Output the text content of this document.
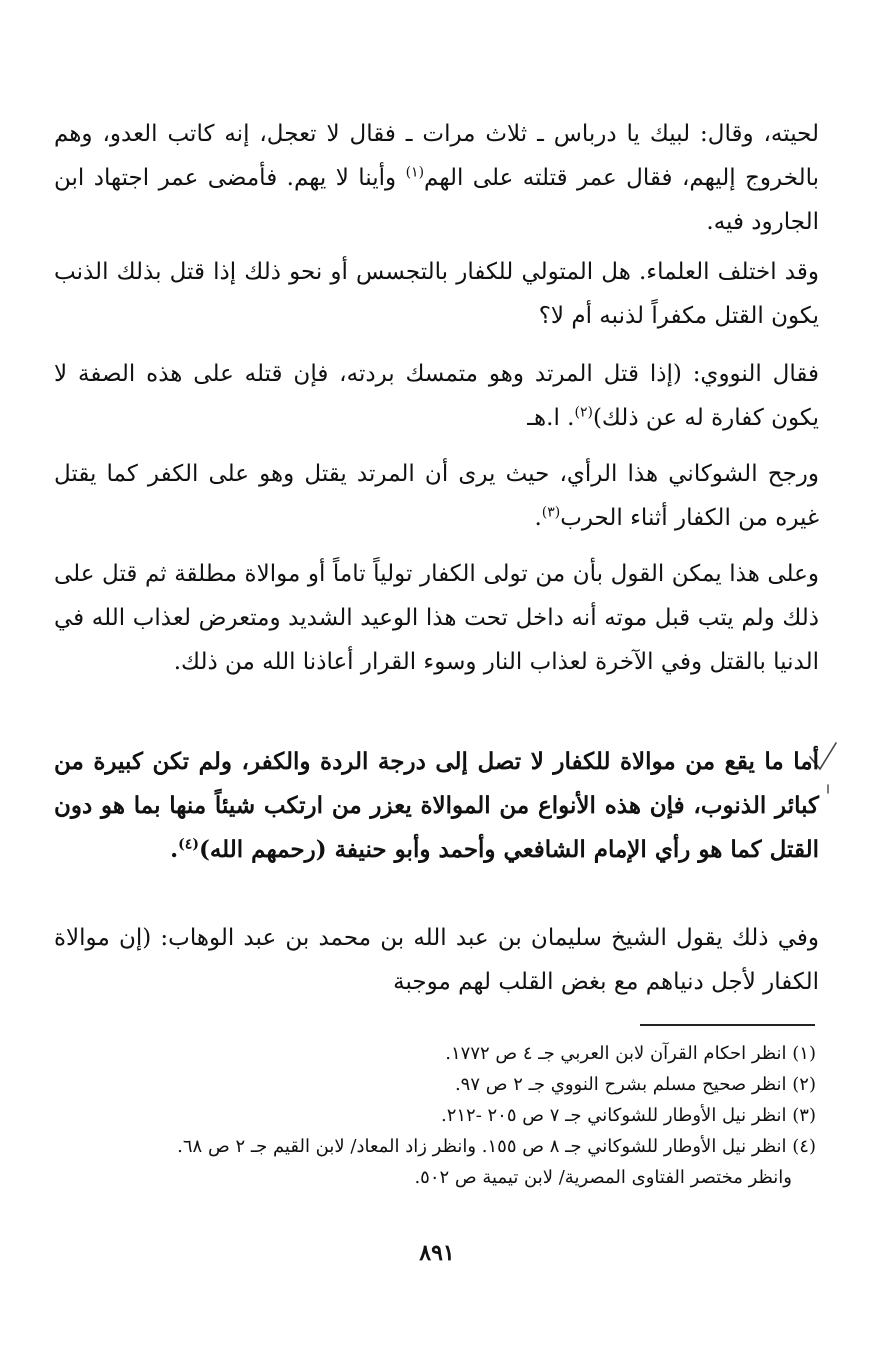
لحيته، وقال: لبيك يا درباس ـ ثلاث مرات ـ فقال لا تعجل، إنه كاتب العدو، وهم بالخروج إليهم، فقال عمر قتلته على الهم$^{(١)}$ وأينا لا يهم. فأمضى عمر اجتهاد ابن الجارود فيه.

وقد اختلف العلماء. هل المتولي للكفار بالتجسس أو نحو ذلك إذا قتل بذلك الذنب يكون القتل مكفراً لذنبه أم لا؟

فقال النووي: (إذا قتل المرتد وهو متمسك بردته، فإن قتله على هذه الصفة لا يكون كفارة له عن ذلك)$^{(٢)}$. ا.هـ

ورجح الشوكاني هذا الرأي، حيث يرى أن المرتد يقتل وهو على الكفر كما يقتل غيره من الكفار أثناء الحرب$^{(٣)}$.

وعلى هذا يمكن القول بأن من تولى الكفار تولياً تاماً أو موالاة مطلقة ثم قتل على ذلك ولم يتب قبل موته أنه داخل تحت هذا الوعيد الشديد ومتعرض لعذاب الله في الدنيا بالقتل وفي الآخرة لعذاب النار وسوء القرار أعاذنا الله من ذلك.

أما ما يقع من موالاة للكفار لا تصل إلى درجة الردة والكفر، ولم تكن كبيرة من كبائر الذنوب، فإن هذه الأنواع من الموالاة يعزر من ارتكب شيئاً منها بما هو دون القتل كما هو رأي الإمام الشافعي وأحمد وأبو حنيفة (رحمهم الله)$^{(٤)}$.

وفي ذلك يقول الشيخ سليمان بن عبد الله بن محمد بن عبد الوهاب: (إن موالاة الكفار لأجل دنياهم مع بغض القلب لهم موجبة

(١) انظر احكام القرآن لابن العربي جـ ٤ ص ١٧٧٢.

(٢) انظر صحيح مسلم بشرح النووي جـ ٢ ص ٩٧.

(٣) انظر نيل الأوطار للشوكاني جـ ٧ ص ٢٠٥ -٢١٢.

(٤) انظر نيل الأوطار للشوكاني جـ ٨ ص ١٥٥. وانظر زاد المعاد/ لابن القيم جـ ٢ ص ٦٨.

وانظر مختصر الفتاوى المصرية/ لابن تيمية ص ٥٠٢.

٨٩١
